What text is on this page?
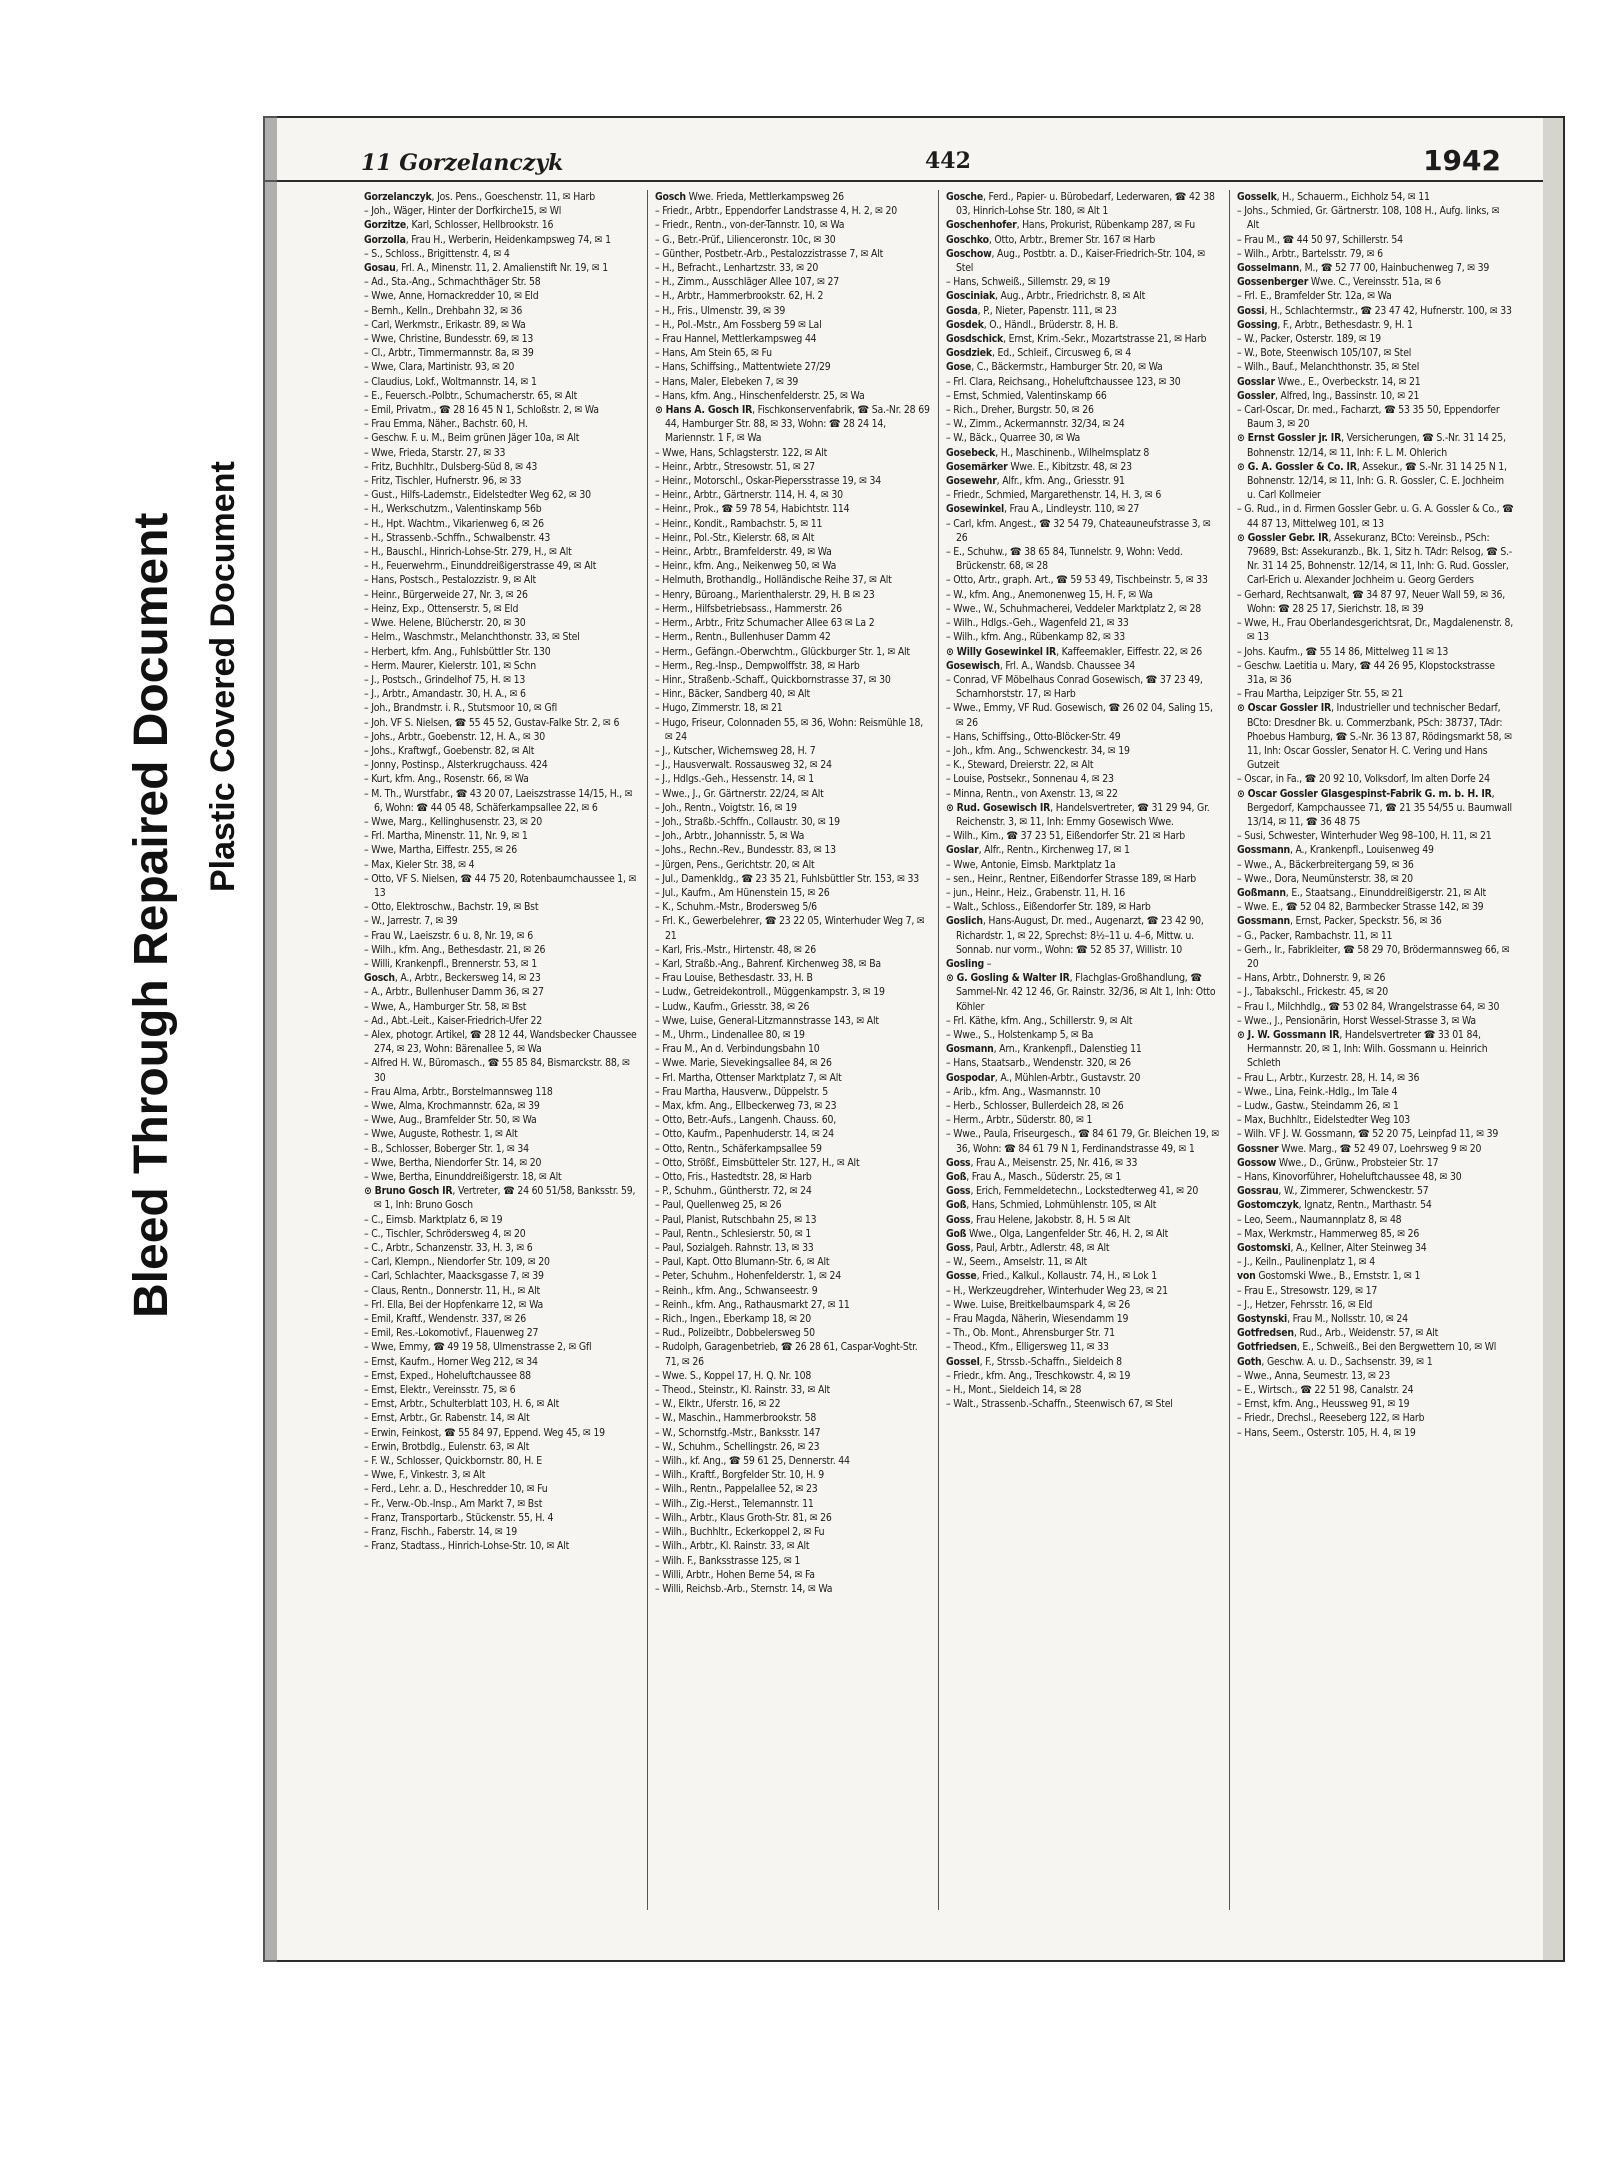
Bleed Through Repaired Document Plastic Covered Document
11 Gorzelanczyk	442	1942

Gorzelanczyk, Jos. Pens., Goeschenstr. 11, ✉ Harb

– Joh., Wäger, Hinter der Dorfkirche15, ✉ Wl

Gorzitze, Karl, Schlosser, Hellbrookstr. 16

Gorzolla, Frau H., Werberin, Heidenkampsweg 74, ✉ 1

– S., Schloss., Brigittenstr. 4, ✉ 4

Gosau, Frl. A., Minenstr. 11, 2. Amalienstift Nr. 19, ✉ 1

– Ad., Sta.-Ang., Schmachthäger Str. 58

– Wwe, Anne, Hornackredder 10, ✉ Eld

– Bernh., Kelln., Drehbahn 32, ✉ 36

– Carl, Werkmstr., Erikastr. 89, ✉ Wa

– Wwe, Christine, Bundesstr. 69, ✉ 13

– Cl., Arbtr., Timmermannstr. 8a, ✉ 39

– Wwe, Clara, Martinistr. 93, ✉ 20

– Claudius, Lokf., Woltmannstr. 14, ✉ 1

– E., Feuersch.-Polbtr., Schumacherstr. 65, ✉ Alt

– Emil, Privatm., ☎ 28 16 45 N 1, Schloßstr. 2, ✉ Wa

– Frau Emma, Näher., Bachstr. 60, H.

– Geschw. F. u. M., Beim grünen Jäger 10a, ✉ Alt

– Wwe, Frieda, Starstr. 27, ✉ 33

– Fritz, Buchhltr., Dulsberg-Süd 8, ✉ 43

– Fritz, Tischler, Hufnerstr. 96, ✉ 33

– Gust., Hilfs-Lademstr., Eidelstedter Weg 62, ✉ 30

– H., Werkschutzm., Valentinskamp 56b

– H., Hpt. Wachtm., Vikarienweg 6, ✉ 26

– H., Strassenb.-Schffn., Schwalbenstr. 43

– H., Bauschl., Hinrich-Lohse-Str. 279, H., ✉ Alt

– H., Feuerwehrm., Einunddreißigerstrasse 49, ✉ Alt

– Hans, Postsch., Pestalozzistr. 9, ✉ Alt

– Heinr., Bürgerweide 27, Nr. 3, ✉ 26

– Heinz, Exp., Ottenserstr. 5, ✉ Eld

– Wwe. Helene, Blücherstr. 20, ✉ 30

– Helm., Waschmstr., Melanchthonstr. 33, ✉ Stel

– Herbert, kfm. Ang., Fuhlsbüttler Str. 130

– Herm. Maurer, Kielerstr. 101, ✉ Schn

– J., Postsch., Grindelhof 75, H. ✉ 13

– J., Arbtr., Amandastr. 30, H. A., ✉ 6

– Joh., Brandmstr. i. R., Stutsmoor 10, ✉ Gfl

– Joh. VF S. Nielsen, ☎ 55 45 52, Gustav-Falke Str. 2, ✉ 6

– Johs., Arbtr., Goebenstr. 12, H. A., ✉ 30

– Johs., Kraftwgf., Goebenstr. 82, ✉ Alt

– Jonny, Postinsp., Alsterkrugchauss. 424

– Kurt, kfm. Ang., Rosenstr. 66, ✉ Wa

– M. Th., Wurstfabr., ☎ 43 20 07, Laeiszstrasse 14/15, H., ✉ 6, Wohn: ☎ 44 05 48, Schäferkampsallee 22, ✉ 6

– Wwe, Marg., Kellinghusenstr. 23, ✉ 20

– Frl. Martha, Minenstr. 11, Nr. 9, ✉ 1

– Wwe, Martha, Eiffestr. 255, ✉ 26

– Max, Kieler Str. 38, ✉ 4

– Otto, VF S. Nielsen, ☎ 44 75 20, Rotenbaumchaussee 1, ✉ 13

– Otto, Elektroschw., Bachstr. 19, ✉ Bst

– W., Jarrestr. 7, ✉ 39

– Frau W., Laeiszstr. 6 u. 8, Nr. 19, ✉ 6

– Wilh., kfm. Ang., Bethesdastr. 21, ✉ 26

– Willi, Krankenpfl., Brennerstr. 53, ✉ 1

Gosch, A., Arbtr., Beckersweg 14, ✉ 23

– A., Arbtr., Bullenhuser Damm 36, ✉ 27

– Wwe, A., Hamburger Str. 58, ✉ Bst

– Ad., Abt.-Leit., Kaiser-Friedrich-Ufer 22

– Alex, photogr. Artikel, ☎ 28 12 44, Wandsbecker Chaussee 274, ✉ 23, Wohn: Bärenallee 5, ✉ Wa

– Alfred H. W., Büromasch., ☎ 55 85 84, Bismarckstr. 88, ✉ 30

– Frau Alma, Arbtr., Borstelmannsweg 118

– Wwe, Alma, Krochmannstr. 62a, ✉ 39

– Wwe, Aug., Bramfelder Str. 50, ✉ Wa

– Wwe, Auguste, Rothestr. 1, ✉ Alt

– B., Schlosser, Boberger Str. 1, ✉ 34

– Wwe, Bertha, Niendorfer Str. 14, ✉ 20

– Wwe, Bertha, Einunddreißigerstr. 18, ✉ Alt

⊙ Bruno Gosch IR, Vertreter, ☎ 24 60 51/58, Banksstr. 59, ✉ 1, Inh: Bruno Gosch

– C., Eimsb. Marktplatz 6, ✉ 19

– C., Tischler, Schrödersweg 4, ✉ 20

– C., Arbtr., Schanzenstr. 33, H. 3, ✉ 6

– Carl, Klempn., Niendorfer Str. 109, ✉ 20

– Carl, Schlachter, Maacksgasse 7, ✉ 39

– Claus, Rentn., Donnerstr. 11, H., ✉ Alt

– Frl. Ella, Bei der Hopfenkarre 12, ✉ Wa

– Emil, Kraftf., Wendenstr. 337, ✉ 26

– Emil, Res.-Lokomotivf., Flauenweg 27

– Wwe, Emmy, ☎ 49 19 58, Ulmenstrasse 2, ✉ Gfl

– Ernst, Kaufm., Horner Weg 212, ✉ 34

– Ernst, Exped., Hoheluftchaussee 88

– Ernst, Elektr., Vereinsstr. 75, ✉ 6

– Ernst, Arbtr., Schulterblatt 103, H. 6, ✉ Alt

– Ernst, Arbtr., Gr. Rabenstr. 14, ✉ Alt

– Erwin, Feinkost, ☎ 55 84 97, Eppend. Weg 45, ✉ 19

– Erwin, Brotbdlg., Eulenstr. 63, ✉ Alt

– F. W., Schlosser, Quickbornstr. 80, H. E

– Wwe, F., Vinkestr. 3, ✉ Alt

– Ferd., Lehr. a. D., Heschredder 10, ✉ Fu

– Fr., Verw.-Ob.-Insp., Am Markt 7, ✉ Bst

– Franz, Transportarb., Stückenstr. 55, H. 4

– Franz, Fischh., Faberstr. 14, ✉ 19

– Franz, Stadtass., Hinrich-Lohse-Str. 10, ✉ Alt

Gosch Wwe. Frieda, Mettlerkampsweg 26

– Friedr., Arbtr., Eppendorfer Landstrasse 4, H. 2, ✉ 20

– Friedr., Rentn., von-der-Tannstr. 10, ✉ Wa

– G., Betr.-Prüf., Lilienceronstr. 10c, ✉ 30

– Günther, Postbetr.-Arb., Pestalozzistrasse 7, ✉ Alt

– H., Befracht., Lenhartzstr. 33, ✉ 20

– H., Zimm., Ausschläger Allee 107, ✉ 27

– H., Arbtr., Hammerbrookstr. 62, H. 2

– H., Fris., Ulmenstr. 39, ✉ 39

– H., Pol.-Mstr., Am Fossberg 59 ✉ Lal

– Frau Hannel, Mettlerkampsweg 44

– Hans, Am Stein 65, ✉ Fu

– Hans, Schiffsing., Mattentwiete 27/29

– Hans, Maler, Elebeken 7, ✉ 39

– Hans, kfm. Ang., Hinschenfelderstr. 25, ✉ Wa

⊙ Hans A. Gosch IR, Fischkonservenfabrik, ☎ Sa.-Nr. 28 69 44, Hamburger Str. 88, ✉ 33, Wohn: ☎ 28 24 14, Mariennstr. 1 F, ✉ Wa

– Wwe, Hans, Schlagsterstr. 122, ✉ Alt

– Heinr., Arbtr., Stresowstr. 51, ✉ 27

– Heinr., Motorschl., Oskar-Piepersstrasse 19, ✉ 34

– Heinr., Arbtr., Gärtnerstr. 114, H. 4, ✉ 30

– Heinr., Prok., ☎ 59 78 54, Habichtstr. 114

– Heinr., Kondit., Rambachstr. 5, ✉ 11

– Heinr., Pol.-Str., Kielerstr. 68, ✉ Alt

– Heinr., Arbtr., Bramfelderstr. 49, ✉ Wa

– Heinr., kfm. Ang., Neikenweg 50, ✉ Wa

– Helmuth, Brothandlg., Holländische Reihe 37, ✉ Alt

– Henry, Büroang., Marienthalerstr. 29, H. B ✉ 23

– Herm., Hilfsbetriebsass., Hammerstr. 26

– Herm., Arbtr., Fritz Schumacher Allee 63 ✉ La 2

– Herm., Rentn., Bullenhuser Damm 42

– Herm., Gefängn.-Oberwchtm., Glückburger Str. 1, ✉ Alt

– Herm., Reg.-Insp., Dempwolffstr. 38, ✉ Harb

– Hinr., Straßenb.-Schaff., Quickbornstrasse 37, ✉ 30

– Hinr., Bäcker, Sandberg 40, ✉ Alt

– Hugo, Zimmerstr. 18, ✉ 21

– Hugo, Friseur, Colonnaden 55, ✉ 36, Wohn: Reismühle 18, ✉ 24

– J., Kutscher, Wichernsweg 28, H. 7

– J., Hausverwalt. Rossausweg 32, ✉ 24

– J., Hdlgs.-Geh., Hessenstr. 14, ✉ 1

– Wwe., J., Gr. Gärtnerstr. 22/24, ✉ Alt

– Joh., Rentn., Voigtstr. 16, ✉ 19

– Joh., Straßb.-Schffn., Collaustr. 30, ✉ 19

– Joh., Arbtr., Johannisstr. 5, ✉ Wa

– Johs., Rechn.-Rev., Bundesstr. 83, ✉ 13

– Jürgen, Pens., Gerichtstr. 20, ✉ Alt

– Jul., Damenkldg., ☎ 23 35 21, Fuhlsbüttler Str. 153, ✉ 33

– Jul., Kaufm., Am Hünenstein 15, ✉ 26

– K., Schuhm.-Mstr., Brodersweg 5/6

– Frl. K., Gewerbelehrer, ☎ 23 22 05, Winterhuder Weg 7, ✉ 21

– Karl, Fris.-Mstr., Hirtenstr. 48, ✉ 26

– Karl, Straßb.-Ang., Bahrenf. Kirchenweg 38, ✉ Ba

– Frau Louise, Bethesdastr. 33, H. B

– Ludw., Getreidekontroll., Müggenkampstr. 3, ✉ 19

– Ludw., Kaufm., Griesstr. 38, ✉ 26

– Wwe, Luise, General-Litzmannstrasse 143, ✉ Alt

– M., Uhrm., Lindenallee 80, ✉ 19

– Frau M., An d. Verbindungsbahn 10

– Wwe. Marie, Sievekingsallee 84, ✉ 26

– Frl. Martha, Ottenser Marktplatz 7, ✉ Alt

– Frau Martha, Hausverw., Düppelstr. 5

– Max, kfm. Ang., Ellbeckerweg 73, ✉ 23

– Otto, Betr.-Aufs., Langenh. Chauss. 60,

– Otto, Kaufm., Papenhuderstr. 14, ✉ 24

– Otto, Rentn., Schäferkampsallee 59

– Otto, Strößf., Eimsbütteler Str. 127, H., ✉ Alt

– Otto, Fris., Hastedtstr. 28, ✉ Harb

– P., Schuhm., Güntherstr. 72, ✉ 24

– Paul, Quellenweg 25, ✉ 26

– Paul, Planist, Rutschbahn 25, ✉ 13

– Paul, Rentn., Schlesierstr. 50, ✉ 1

– Paul, Sozialgeh. Rahnstr. 13, ✉ 33

– Paul, Kapt. Otto Blumann-Str. 6, ✉ Alt

– Peter, Schuhm., Hohenfelderstr. 1, ✉ 24

– Reinh., kfm. Ang., Schwanseestr. 9

– Reinh., kfm. Ang., Rathausmarkt 27, ✉ 11

– Rich., Ingen., Eberkamp 18, ✉ 20

– Rud., Polizeibtr., Dobbelersweg 50

– Rudolph, Garagenbetrieb, ☎ 26 28 61, Caspar-Voght-Str. 71, ✉ 26

– Wwe. S., Koppel 17, H. Q. Nr. 108

– Theod., Steinstr., Kl. Rainstr. 33, ✉ Alt

– W., Elktr., Uferstr. 16, ✉ 22

– W., Maschin., Hammerbrookstr. 58

– W., Schornstfg.-Mstr., Banksstr. 147

– W., Schuhm., Schellingstr. 26, ✉ 23

– Wilh., kf. Ang., ☎ 59 61 25, Dennerstr. 44

– Wilh., Kraftf., Borgfelder Str. 10, H. 9

– Wilh., Rentn., Pappelallee 52, ✉ 23

– Wilh., Zig.-Herst., Telemannstr. 11

– Wilh., Arbtr., Klaus Groth-Str. 81, ✉ 26

– Wilh., Buchhltr., Eckerkoppel 2, ✉ Fu

– Wilh., Arbtr., Kl. Rainstr. 33, ✉ Alt

– Wilh. F., Banksstrasse 125, ✉ 1

– Willi, Arbtr., Hohen Berne 54, ✉ Fa

– Willi, Reichsb.-Arb., Sternstr. 14, ✉ Wa

Gosche, Ferd., Papier- u. Bürobedarf, Lederwaren, ☎ 42 38 03, Hinrich-Lohse Str. 180, ✉ Alt 1

Goschenhofer, Hans, Prokurist, Rübenkamp 287, ✉ Fu

Goschko, Otto, Arbtr., Bremer Str. 167 ✉ Harb

Goschow, Aug., Postbtr. a. D., Kaiser-Friedrich-Str. 104, ✉ Stel

– Hans, Schweiß., Sillemstr. 29, ✉ 19

Gosciniak, Aug., Arbtr., Friedrichstr. 8, ✉ Alt

Gosda, P., Nieter, Papenstr. 111, ✉ 23

Gosdek, O., Händl., Brüderstr. 8, H. B.

Gosdschick, Ernst, Krim.-Sekr., Mozartstrasse 21, ✉ Harb

Gosdziek, Ed., Schleif., Circusweg 6, ✉ 4

Gose, C., Bäckermstr., Hamburger Str. 20, ✉ Wa

– Frl. Clara, Reichsang., Hoheluftchaussee 123, ✉ 30

– Ernst, Schmied, Valentinskamp 66

– Rich., Dreher, Burgstr. 50, ✉ 26

– W., Zimm., Ackermannstr. 32/34, ✉ 24

– W., Bäck., Quarree 30, ✉ Wa

Gosebeck, H., Maschinenb., Wilhelmsplatz 8

Gosemärker Wwe. E., Kibitzstr. 48, ✉ 23

Gosewehr, Alfr., kfm. Ang., Griesstr. 91

– Friedr., Schmied, Margarethenstr. 14, H. 3, ✉ 6

Gosewinkel, Frau A., Lindleystr. 110, ✉ 27

– Carl, kfm. Angest., ☎ 32 54 79, Chateauneufstrasse 3, ✉ 26

– E., Schuhw., ☎ 38 65 84, Tunnelstr. 9, Wohn: Vedd. Brückenstr. 68, ✉ 28

– Otto, Artr., graph. Art., ☎ 59 53 49, Tischbeinstr. 5, ✉ 33

– W., kfm. Ang., Anemonenweg 15, H. F, ✉ Wa

– Wwe., W., Schuhmacherei, Veddeler Marktplatz 2, ✉ 28

– Wilh., Hdlgs.-Geh., Wagenfeld 21, ✉ 33

– Wilh., kfm. Ang., Rübenkamp 82, ✉ 33

⊙ Willy Gosewinkel IR, Kaffeemakler, Eiffestr. 22, ✉ 26

Gosewisch, Frl. A., Wandsb. Chaussee 34

– Conrad, VF Möbelhaus Conrad Gosewisch, ☎ 37 23 49, Scharnhorststr. 17, ✉ Harb

– Wwe., Emmy, VF Rud. Gosewisch, ☎ 26 02 04, Saling 15, ✉ 26

– Hans, Schiffsing., Otto-Blöcker-Str. 49

– Joh., kfm. Ang., Schwenckestr. 34, ✉ 19

– K., Steward, Dreierstr. 22, ✉ Alt

– Louise, Postsekr., Sonnenau 4, ✉ 23

– Minna, Rentn., von Axenstr. 13, ✉ 22

⊙ Rud. Gosewisch IR, Handelsvertreter, ☎ 31 29 94, Gr. Reichenstr. 3, ✉ 11, Inh: Emmy Gosewisch Wwe.

– Wilh., Kim., ☎ 37 23 51, Eißendorfer Str. 21 ✉ Harb

Goslar, Alfr., Rentn., Kirchenweg 17, ✉ 1

– Wwe, Antonie, Eimsb. Marktplatz 1a

– sen., Heinr., Rentner, Eißendorfer Strasse 189, ✉ Harb

– jun., Heinr., Heiz., Grabenstr. 11, H. 16

– Walt., Schloss., Eißendorfer Str. 189, ✉ Harb

Goslich, Hans-August, Dr. med., Augenarzt, ☎ 23 42 90, Richardstr. 1, ✉ 22, Sprechst: 8½–11 u. 4–6, Mittw. u. Sonnab. nur vorm., Wohn: ☎ 52 85 37, Willistr. 10

Gosling –

⊙ G. Gosling & Walter IR, Flachglas-Großhandlung, ☎ Sammel-Nr. 42 12 46, Gr. Rainstr. 32/36, ✉ Alt 1, Inh: Otto Köhler

– Frl. Käthe, kfm. Ang., Schillerstr. 9, ✉ Alt

– Wwe., S., Holstenkamp 5, ✉ Ba

Gosmann, Arn., Krankenpfl., Dalenstieg 11

– Hans, Staatsarb., Wendenstr. 320, ✉ 26

Gospodar, A., Mühlen-Arbtr., Gustavstr. 20

– Arib., kfm. Ang., Wasmannstr. 10

– Herb., Schlosser, Bullerdeich 28, ✉ 26

– Herm., Arbtr., Süderstr. 80, ✉ 1

– Wwe., Paula, Friseurgesch., ☎ 84 61 79, Gr. Bleichen 19, ✉ 36, Wohn: ☎ 84 61 79 N 1, Ferdinandstrasse 49, ✉ 1

Goss, Frau A., Meisenstr. 25, Nr. 416, ✉ 33

Goß, Frau A., Masch., Süderstr. 25, ✉ 1

Goss, Erich, Fernmeldetechn., Lockstedterweg 41, ✉ 20

Goß, Hans, Schmied, Lohmühlenstr. 105, ✉ Alt

Goss, Frau Helene, Jakobstr. 8, H. 5 ✉ Alt

Goß Wwe., Olga, Langenfelder Str. 46, H. 2, ✉ Alt

Goss, Paul, Arbtr., Adlerstr. 48, ✉ Alt

– W., Seem., Amselstr. 11, ✉ Alt

Gosse, Fried., Kalkul., Kollaustr. 74, H., ✉ Lok 1

– H., Werkzeugdreher, Winterhuder Weg 23, ✉ 21

– Wwe. Luise, Breitkelbaumspark 4, ✉ 26

– Frau Magda, Näherin, Wiesendamm 19

– Th., Ob. Mont., Ahrensburger Str. 71

– Theod., Kfm., Elligersweg 11, ✉ 33

Gossel, F., Strssb.-Schaffn., Sieldeich 8

– Friedr., kfm. Ang., Treschkowstr. 4, ✉ 19

– H., Mont., Sieldeich 14, ✉ 28

– Walt., Strassenb.-Schaffn., Steenwisch 67, ✉ Stel

Gosselk, H., Schauerm., Eichholz 54, ✉ 11

– Johs., Schmied, Gr. Gärtnerstr. 108, 108 H., Aufg. links, ✉ Alt

– Frau M., ☎ 44 50 97, Schillerstr. 54

– Wilh., Arbtr., Bartelsstr. 79, ✉ 6

Gosselmann, M., ☎ 52 77 00, Hainbuchenweg 7, ✉ 39

Gossenberger Wwe. C., Vereinsstr. 51a, ✉ 6

– Frl. E., Bramfelder Str. 12a, ✉ Wa

Gossi, H., Schlachtermstr., ☎ 23 47 42, Hufnerstr. 100, ✉ 33

Gossing, F., Arbtr., Bethesdastr. 9, H. 1

– W., Packer, Osterstr. 189, ✉ 19

– W., Bote, Steenwisch 105/107, ✉ Stel

– Wilh., Bauf., Melanchthonstr. 35, ✉ Stel

Gosslar Wwe., E., Overbeckstr. 14, ✉ 21

Gossler, Alfred, Ing., Bassinstr. 10, ✉ 21

– Carl-Oscar, Dr. med., Facharzt, ☎ 53 35 50, Eppendorfer Baum 3, ✉ 20

⊙ Ernst Gossler jr. IR, Versicherungen, ☎ S.-Nr. 31 14 25, Bohnenstr. 12/14, ✉ 11, Inh: F. L. M. Ohlerich

⊙ G. A. Gossler & Co. IR, Assekur., ☎ S.-Nr. 31 14 25 N 1, Bohnenstr. 12/14, ✉ 11, Inh: G. R. Gossler, C. E. Jochheim u. Carl Kollmeier

– G. Rud., in d. Firmen Gossler Gebr. u. G. A. Gossler & Co., ☎ 44 87 13, Mittelweg 101, ✉ 13

⊙ Gossler Gebr. IR, Assekuranz, BCto: Vereinsb., PSch: 79689, Bst: Assekuranzb., Bk. 1, Sitz h. TAdr: Relsog, ☎ S.-Nr. 31 14 25, Bohnenstr. 12/14, ✉ 11, Inh: G. Rud. Gossler, Carl-Erich u. Alexander Jochheim u. Georg Gerders

– Gerhard, Rechtsanwalt, ☎ 34 87 97, Neuer Wall 59, ✉ 36, Wohn: ☎ 28 25 17, Sierichstr. 18, ✉ 39

– Wwe, H., Frau Oberlandesgerichtsrat, Dr., Magdalenenstr. 8, ✉ 13

– Johs. Kaufm., ☎ 55 14 86, Mittelweg 11 ✉ 13

– Geschw. Laetitia u. Mary, ☎ 44 26 95, Klopstockstrasse 31a, ✉ 36

– Frau Martha, Leipziger Str. 55, ✉ 21

⊙ Oscar Gossler IR, Industrieller und technischer Bedarf, BCto: Dresdner Bk. u. Commerzbank, PSch: 38737, TAdr: Phoebus Hamburg, ☎ S.-Nr. 36 13 87, Rödingsmarkt 58, ✉ 11, Inh: Oscar Gossler, Senator H. C. Vering und Hans Gutzeit

– Oscar, in Fa., ☎ 20 92 10, Volksdorf, Im alten Dorfe 24

⊙ Oscar Gossler Glasgespinst-Fabrik G. m. b. H. IR, Bergedorf, Kampchaussee 71, ☎ 21 35 54/55 u. Baumwall 13/14, ✉ 11, ☎ 36 48 75

– Susi, Schwester, Winterhuder Weg 98–100, H. 11, ✉ 21

Gossmann, A., Krankenpfl., Louisenweg 49

– Wwe., A., Bäckerbreitergang 59, ✉ 36

– Wwe., Dora, Neumünsterstr. 38, ✉ 20

Goßmann, E., Staatsang., Einunddreißigerstr. 21, ✉ Alt

– Wwe. E., ☎ 52 04 82, Barmbecker Strasse 142, ✉ 39

Gossmann, Ernst, Packer, Speckstr. 56, ✉ 36

– G., Packer, Rambachstr. 11, ✉ 11

– Gerh., Ir., Fabrikleiter, ☎ 58 29 70, Brödermannsweg 66, ✉ 20

– Hans, Arbtr., Dohnerstr. 9, ✉ 26

– J., Tabakschl., Frickestr. 45, ✉ 20

– Frau I., Milchhdlg., ☎ 53 02 84, Wrangelstrasse 64, ✉ 30

– Wwe., J., Pensionärin, Horst Wessel-Strasse 3, ✉ Wa

⊙ J. W. Gossmann IR, Handelsvertreter ☎ 33 01 84, Hermannstr. 20, ✉ 1, Inh: Wilh. Gossmann u. Heinrich Schleth

– Frau L., Arbtr., Kurzestr. 28, H. 14, ✉ 36

– Wwe., Lina, Feink.-Hdlg., Im Tale 4

– Ludw., Gastw., Steindamm 26, ✉ 1

– Max, Buchhltr., Eidelstedter Weg 103

– Wilh. VF J. W. Gossmann, ☎ 52 20 75, Leinpfad 11, ✉ 39

Gossner Wwe. Marg., ☎ 52 49 07, Loehrsweg 9 ✉ 20

Gossow Wwe., D., Grünw., Probsteier Str. 17

– Hans, Kinovorführer, Hoheluftchaussee 48, ✉ 30

Gossrau, W., Zimmerer, Schwenckestr. 57

Gostomczyk, Ignatz, Rentn., Marthastr. 54

– Leo, Seem., Naumannplatz 8, ✉ 48

– Max, Werkmstr., Hammerweg 85, ✉ 26

Gostomski, A., Kellner, Alter Steinweg 34

– J., Keiln., Paulinenplatz 1, ✉ 4

von Gostomski Wwe., B., Ernststr. 1, ✉ 1

– Frau E., Stresowstr. 129, ✉ 17

– J., Hetzer, Fehrsstr. 16, ✉ Eld

Gostynski, Frau M., Nollsstr. 10, ✉ 24

Gotfredsen, Rud., Arb., Weidenstr. 57, ✉ Alt

Gotfriedsen, E., Schweiß., Bei den Bergwettern 10, ✉ Wl

Goth, Geschw. A. u. D., Sachsenstr. 39, ✉ 1

– Wwe., Anna, Seumestr. 13, ✉ 23

– E., Wirtsch., ☎ 22 51 98, Canalstr. 24

– Ernst, kfm. Ang., Heussweg 91, ✉ 19

– Friedr., Drechsl., Reeseberg 122, ✉ Harb

– Hans, Seem., Osterstr. 105, H. 4, ✉ 19
